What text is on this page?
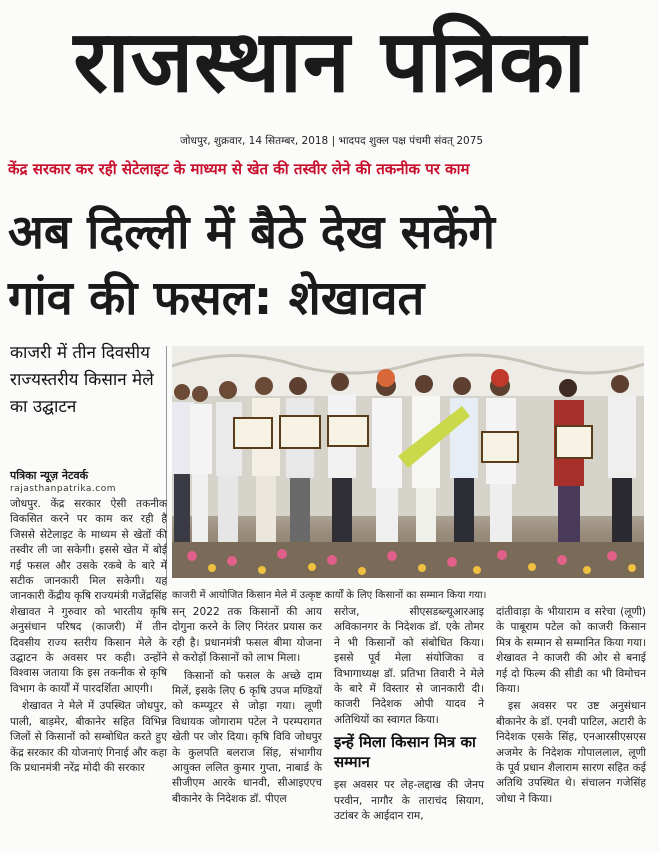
राजस्थान पत्रिका
जोधपुर, शुक्रवार, 14 सितम्बर, 2018 | भादपद शुक्ल पक्ष पंचमी संवत् 2075
केंद्र सरकार कर रही सेटेलाइट के माध्यम से खेत की तस्वीर लेने की तकनीक पर काम
अब दिल्ली में बैठे देख सकेंगे
गांव की फसल: शेखावत
काजरी में तीन दिवसीय राज्यस्तरीय किसान मेले का उद्घाटन
पत्रिका न्यूज़ नेटवर्क
rajasthanpatrika.com
काजरी में आयोजित किसान मेले में उत्कृष्ट कार्यों के लिए किसानों का सम्मान किया गया।

जोधपुर. केंद्र सरकार ऐसी तकनीक विकसित करने पर काम कर रही है जिससे सेटेलाइट के माध्यम से खेतों की तस्वीर ली जा सकेगी। इससे खेत में बोई गई फसल और उसके रकबे के बारे में सटीक जानकारी मिल सकेगी। यह जानकारी केंद्रीय कृषि राज्यमंत्री गजेंद्रसिंह शेखावत ने गुरुवार को भारतीय कृषि अनुसंधान परिषद (काजरी) में तीन दिवसीय राज्य स्तरीय किसान मेले के उद्घाटन के अवसर पर कही। उन्होंने विश्वास जताया कि इस तकनीक से कृषि विभाग के कार्यों में पारदर्शिता आएगी।

शेखावत ने मेले में उपस्थित जोधपुर, पाली, बाड़मेर, बीकानेर सहित विभिन्न जिलों से किसानों को सम्बोधित करते हुए केंद्र सरकार की योजनाएं गिनाई और कहा कि प्रधानमंत्री नरेंद्र मोदी की सरकार

सन् 2022 तक किसानों की आय दोगुना करने के लिए निरंतर प्रयास कर रही है। प्रधानमंत्री फसल बीमा योजना से करोड़ों किसानों को लाभ मिला।

किसानों को फसल के अच्छे दाम मिलें, इसके लिए 6 कृषि उपज मण्डियों को कम्प्यूटर से जोड़ा गया। लूणी विधायक जोगाराम पटेल ने परम्परागत खेती पर जोर दिया। कृषि विवि जोधपुर के कुलपति बलराज सिंह, संभागीय आयुक्त ललित कुमार गुप्ता, नाबार्ड के सीजीएम आरके धानवी, सीआइएएच बीकानेर के निदेशक डॉ. पीएल

सरोज, सीएसडब्ल्यूआरआइ अविकानगर के निदेशक डॉ. एके तोमर ने भी किसानों को संबोधित किया। इससे पूर्व मेला संयोजिका व विभागाध्यक्ष डॉ. प्रतिभा तिवारी ने मेले के बारे में विस्तार से जानकारी दी। काजरी निदेशक ओपी यादव ने अतिथियों का स्वागत किया।

इन्हें मिला किसान मित्र का सम्मान

इस अवसर पर लेह-लद्दाख की जेनप परवीन, नागौर के ताराचंद सियाग, उटांबर के आईदान राम,

दांतीवाड़ा के भीयाराम व सरेचा (लूणी) के पाबूराम पटेल को काजरी किसान मित्र के सम्मान से सम्मानित किया गया। शेखावत ने काजरी की ओर से बनाई गई दो फिल्म की सीडी का भी विमोचन किया।

इस अवसर पर उष्ट अनुसंधान बीकानेर के डॉ. एनवी पाटिल, अटारी के निदेशक एसके सिंह, एनआरसीएसएस अजमेर के निदेशक गोपाललाल, लूणी के पूर्व प्रधान शैलाराम सारण सहित कई अतिथि उपस्थित थे। संचालन गजेसिंह जोधा ने किया।
